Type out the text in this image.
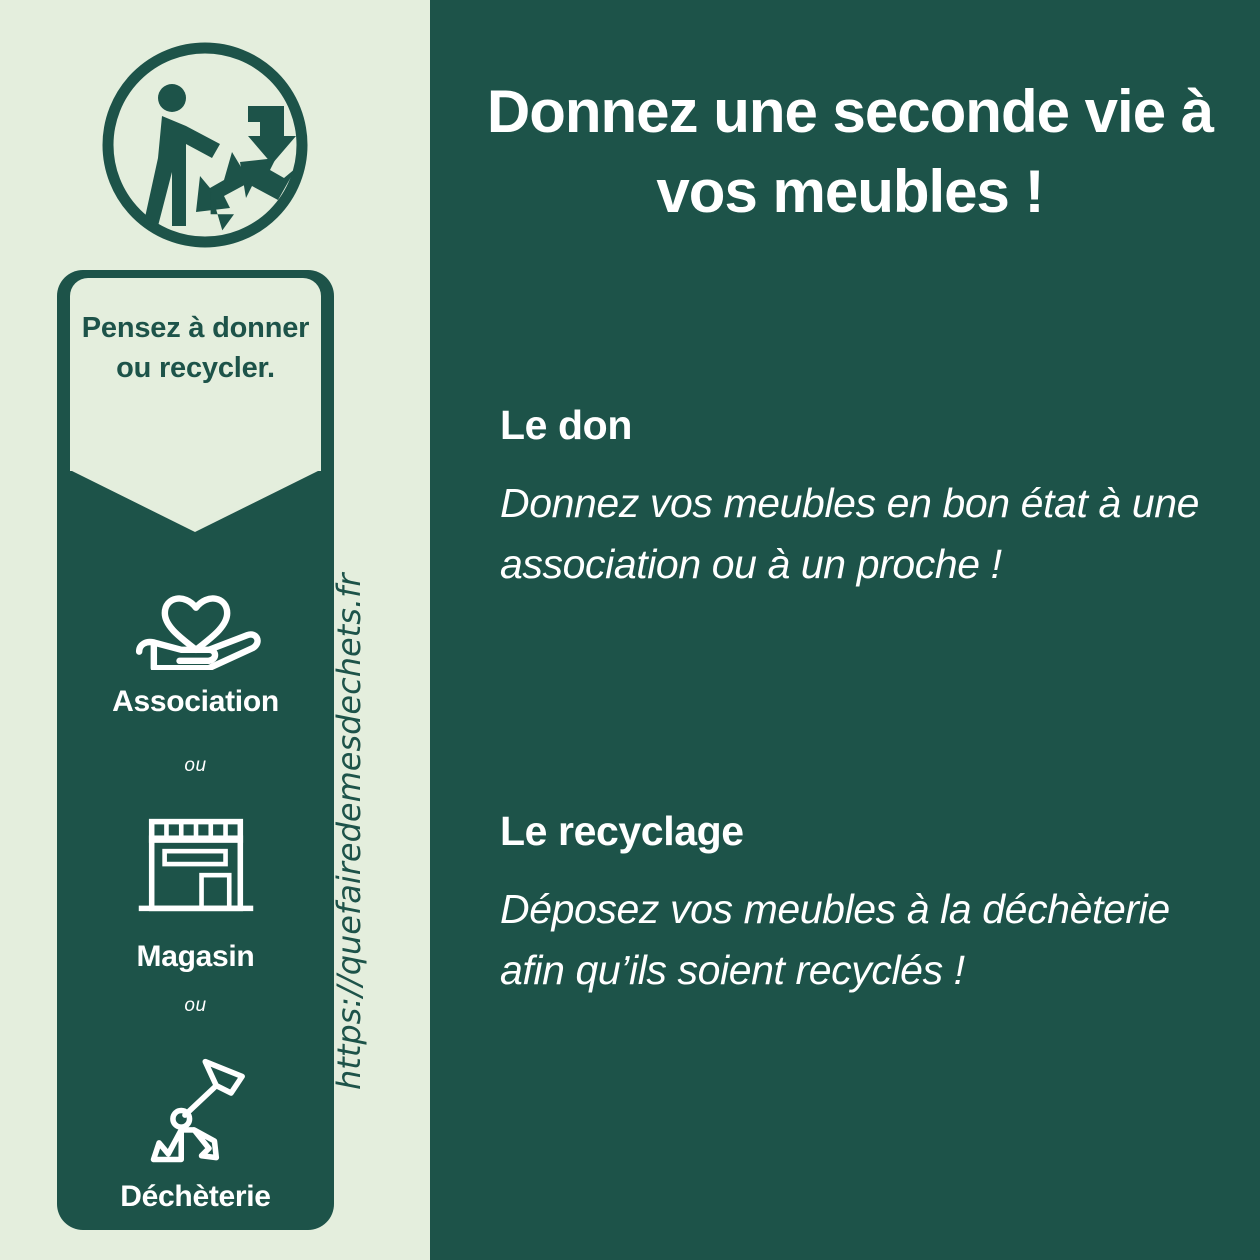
Pensez à donner ou recycler.
Association
ou
Magasin
ou
Déchèterie
https://quefairedemesdechets.fr
Donnez une seconde vie à vos meubles !
Le don
Donnez vos meubles en bon état à une association ou à un proche !
Le recyclage
Déposez vos meubles à la déchèterie afin qu’ils soient recyclés !
